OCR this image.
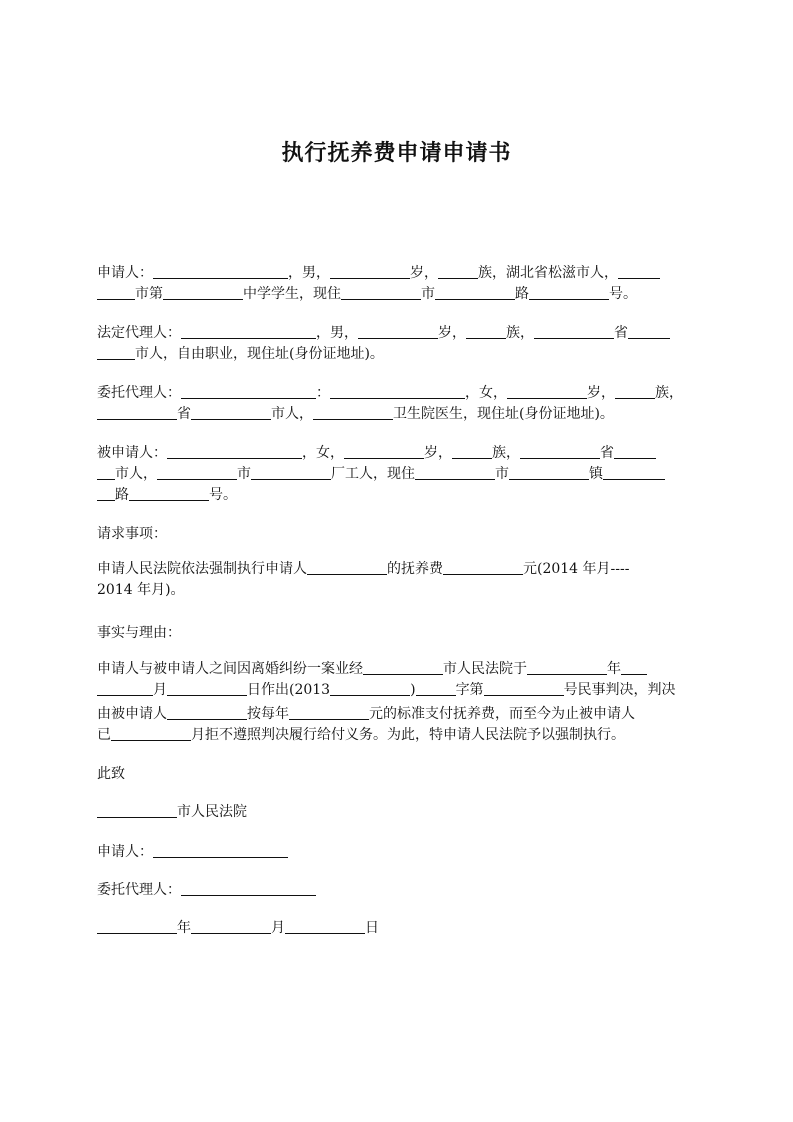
执行抚养费申请申请书
申请人：	，男，	岁，	族，湖北省松滋市人，
市第	中学学生，现住	市	路	号。
法定代理人：	，男，	岁，	族，	省
市人，自由职业，现住址(身份证地址)。
委托代理人：	：	，女，	岁，	族，
省	市人，	卫生院医生，现住址(身份证地址)。
被申请人：	，女，	岁，	族，	省
市人，	市	厂工人，现住	市	镇
路	号。
请求事项：
申请人民法院依法强制执行申请人	的抚养费	元(2014 年月----
2014 年月)。
事实与理由：
申请人与被申请人之间因离婚纠纷一案业经	市人民法院于	年
月	日作出(2013	)	字第	号民事判决，判决
由被申请人	按每年	元的标准支付抚养费，而至今为止被申请人
已	月拒不遵照判决履行给付义务。为此，特申请人民法院予以强制执行。
此致
市人民法院
申请人：
委托代理人：
年	月	日
